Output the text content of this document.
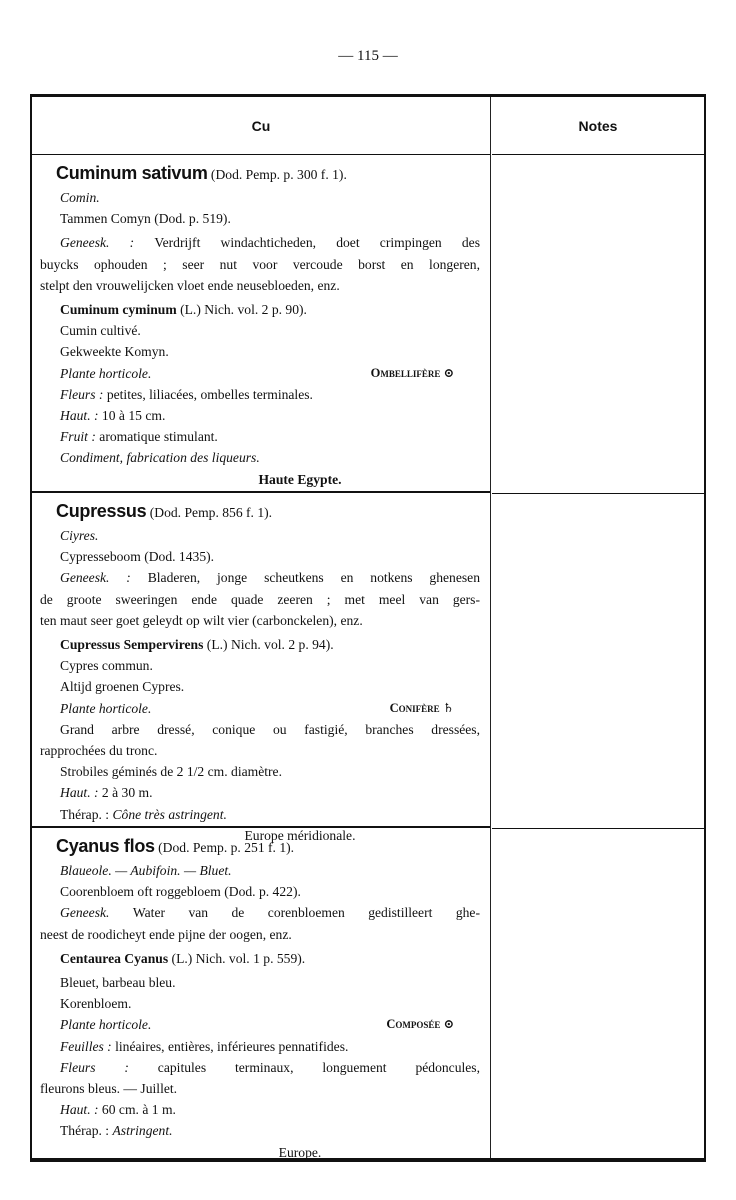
— 115 —
Cu	Notes
Cuminum sativum (Dod. Pemp. p. 300 f. 1).
Comin.
Tammen Comyn (Dod. p. 519).
Geneesk. : Verdrijft windachticheden, doet crimpingen des
buycks ophouden ; seer nut voor vercoude borst en longeren,
stelpt den vrouwelijcken vloet ende neusebloeden, enz.
Cuminum cyminum (L.) Nich. vol. 2 p. 90).
Cumin cultivé.
Gekweekte Komyn.
Plante horticole.	Ombellifère ⊙
Fleurs : petites, liliacées, ombelles terminales.
Haut. : 10 à 15 cm.
Fruit : aromatique stimulant.
Condiment, fabrication des liqueurs.
Haute Egypte.
Cupressus (Dod. Pemp. 856 f. 1).
Ciyres.
Cypresseboom (Dod. 1435).
Geneesk. : Bladeren, jonge scheutkens en notkens ghenesen
de groote sweeringen ende quade zeeren ; met meel van gers-
ten maut seer goet geleydt op wilt vier (carbonckelen), enz.
Cupressus Sempervirens (L.) Nich. vol. 2 p. 94).
Cypres commun.
Altijd groenen Cypres.
Plante horticole.	Conifère ♄
Grand arbre dressé, conique ou fastigié, branches dressées,
rapprochées du tronc.
Strobiles géminés de 2 1/2 cm. diamètre.
Haut. : 2 à 30 m.
Thérap. : Cône très astringent.
Europe méridionale.
Cyanus flos (Dod. Pemp. p. 251 f. 1).
Blaueole. — Aubifoin. — Bluet.
Coorenbloem oft roggebloem (Dod. p. 422).
Geneesk. Water van de corenbloemen gedistilleert ghe-
neest de roodicheyt ende pijne der oogen, enz.
Centaurea Cyanus (L.) Nich. vol. 1 p. 559).
Bleuet, barbeau bleu.
Korenbloem.
Plante horticole.	Composée ⊙
Feuilles : linéaires, entières, inférieures pennatifides.
Fleurs : capitules terminaux, longuement pédoncules,
fleurons bleus. — Juillet.
Haut. : 60 cm. à 1 m.
Thérap. : Astringent.
Europe.
